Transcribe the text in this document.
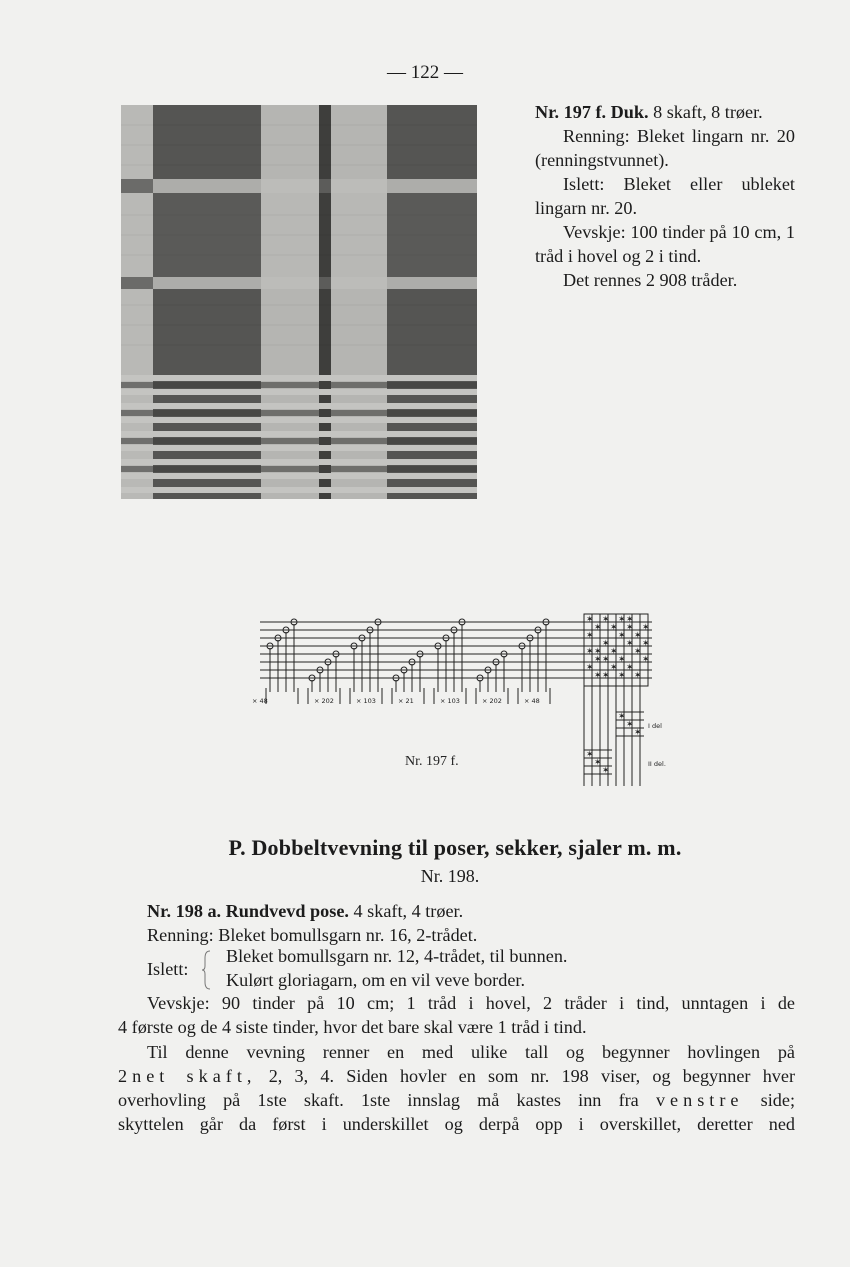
— 122 —

Nr. 197 f. Duk. 8 skaft, 8 trøer.

Renning: Bleket lingarn nr. 20 (renningstvunnet).

Islett: Bleket eller ubleket lingarn nr. 20.

Vevskje: 100 tinder på 10 cm, 1 tråd i hovel og 2 i tind.

Det rennes 2 908 tråder.

✶ ✶ ✶ ✶
✶ ✶ ✶ ✶
✶	✶ ✶
✶ ✶ ✶
✶ ✶ ✶ ✶
✶ ✶ ✶ ✶
✶ ✶ ✶
✶ ✶ ✶ ✶
✶
✶
✶
✶
✶
✶
× 48	× 202	× 103	× 21	× 103	× 202	× 48
I del
II del.
Nr. 197 f.
P. Dobbeltvevning til poser, sekker, sjaler m. m.
Nr. 198.

Nr. 198 a. Rundvevd pose. 4 skaft, 4 trøer.

Renning: Bleket bomullsgarn nr. 16, 2-trådet.

Islett:
Bleket bomullsgarn nr. 12, 4-trådet, til bunnen.
Kulørt gloriagarn, om en vil veve border.

Vevskje: 90 tinder på 10 cm; 1 tråd i hovel, 2 tråder i tind, unntagen i de

4 første og de 4 siste tinder, hvor det bare skal være 1 tråd i tind.

Til denne vevning renner en med ulike tall og begynner hovlingen på

2net skaft, 2, 3, 4. Siden hovler en som nr. 198 viser, og begynner hver

overhovling på 1ste skaft. 1ste innslag må kastes inn fra venstre side;

skyttelen går da først i underskillet og derpå opp i overskillet, deretter ned
